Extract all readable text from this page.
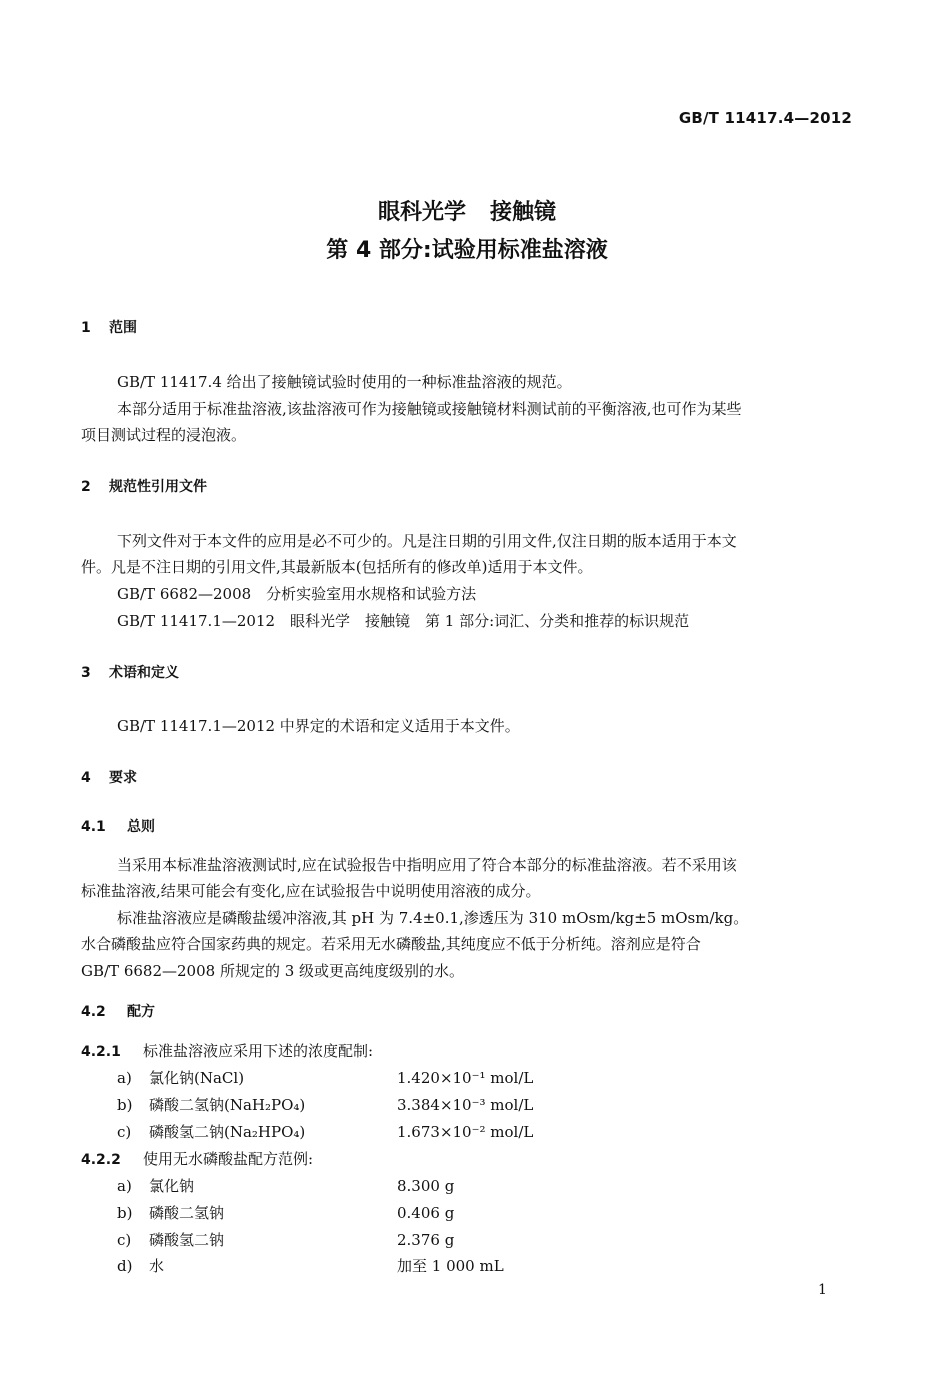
GB/T 11417.4—2012
眼科光学 接触镜
第 4 部分:试验用标准盐溶液
1 范围
GB/T 11417.4 给出了接触镜试验时使用的一种标准盐溶液的规范。
本部分适用于标准盐溶液,该盐溶液可作为接触镜或接触镜材料测试前的平衡溶液,也可作为某些
项目测试过程的浸泡液。
2 规范性引用文件
下列文件对于本文件的应用是必不可少的。凡是注日期的引用文件,仅注日期的版本适用于本文
件。凡是不注日期的引用文件,其最新版本(包括所有的修改单)适用于本文件。
GB/T 6682—2008　分析实验室用水规格和试验方法
GB/T 11417.1—2012　眼科光学　接触镜　第 1 部分:词汇、分类和推荐的标识规范
3 术语和定义
GB/T 11417.1—2012 中界定的术语和定义适用于本文件。
4 要求
4.1 总则
当采用本标准盐溶液测试时,应在试验报告中指明应用了符合本部分的标准盐溶液。若不采用该
标准盐溶液,结果可能会有变化,应在试验报告中说明使用溶液的成分。
标准盐溶液应是磷酸盐缓冲溶液,其 pH 为 7.4±0.1,渗透压为 310 mOsm/kg±5 mOsm/kg。
水合磷酸盐应符合国家药典的规定。若采用无水磷酸盐,其纯度应不低于分析纯。溶剂应是符合
GB/T 6682—2008 所规定的 3 级或更高纯度级别的水。
4.2 配方
4.2.1 标准盐溶液应采用下述的浓度配制:
a) 氯化钠(NaCl)	1.420×10⁻¹ mol/L
b) 磷酸二氢钠(NaH₂PO₄)	3.384×10⁻³ mol/L
c) 磷酸氢二钠(Na₂HPO₄)	1.673×10⁻² mol/L
4.2.2 使用无水磷酸盐配方范例:
a) 氯化钠	8.300 g
b) 磷酸二氢钠	0.406 g
c) 磷酸氢二钠	2.376 g
d) 水	加至 1 000 mL
1
